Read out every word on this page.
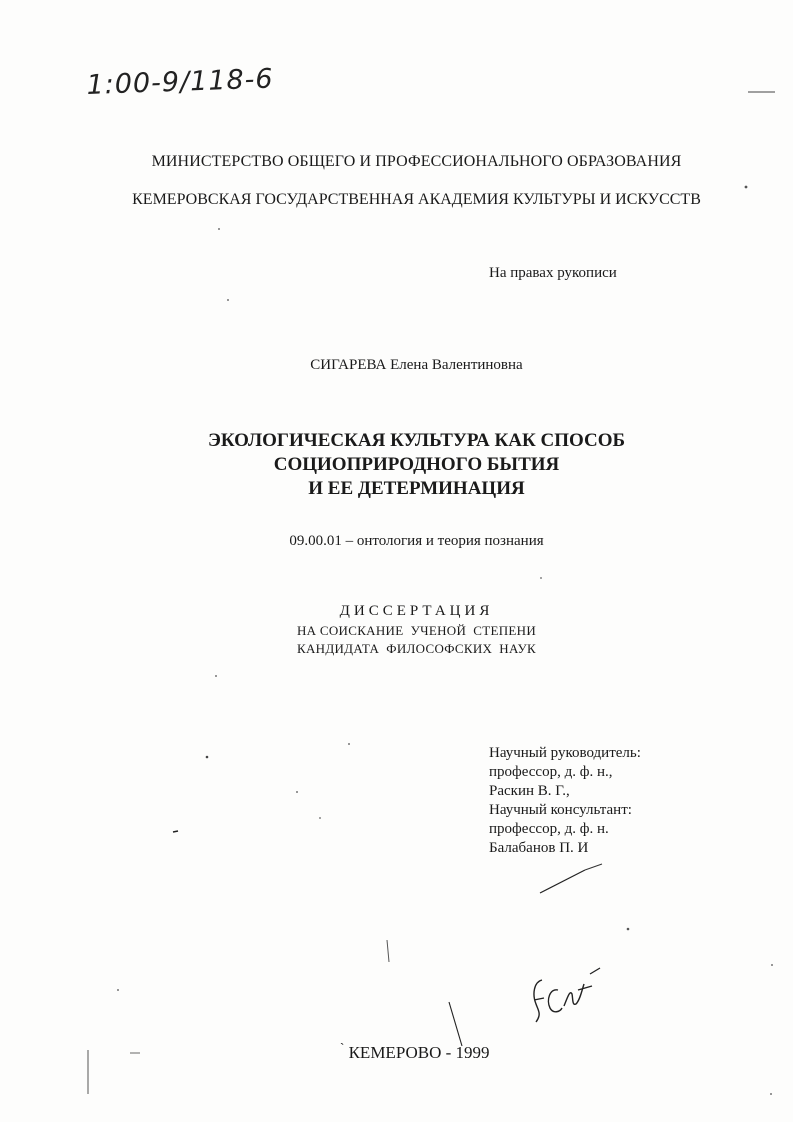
1:00-9/118-6
МИНИСТЕРСТВО ОБЩЕГО И ПРОФЕССИОНАЛЬНОГО ОБРАЗОВАНИЯ
КЕМЕРОВСКАЯ ГОСУДАРСТВЕННАЯ АКАДЕМИЯ КУЛЬТУРЫ И ИСКУССТВ
На правах рукописи
СИГАРЕВА Елена Валентиновна
ЭКОЛОГИЧЕСКАЯ КУЛЬТУРА КАК СПОСОБ
СОЦИОПРИРОДНОГО БЫТИЯ
И ЕЕ ДЕТЕРМИНАЦИЯ
09.00.01 – онтология и теория познания
ДИССЕРТАЦИЯ
НА СОИСКАНИЕ  УЧЕНОЙ  СТЕПЕНИ
КАНДИДАТА  ФИЛОСОФСКИХ  НАУК
Научный руководитель:
профессор, д. ф. н.,
Раскин В. Г.,
Научный консультант:
профессор, д. ф. н.
Балабанов П. И
` КЕМЕРОВО - 1999
